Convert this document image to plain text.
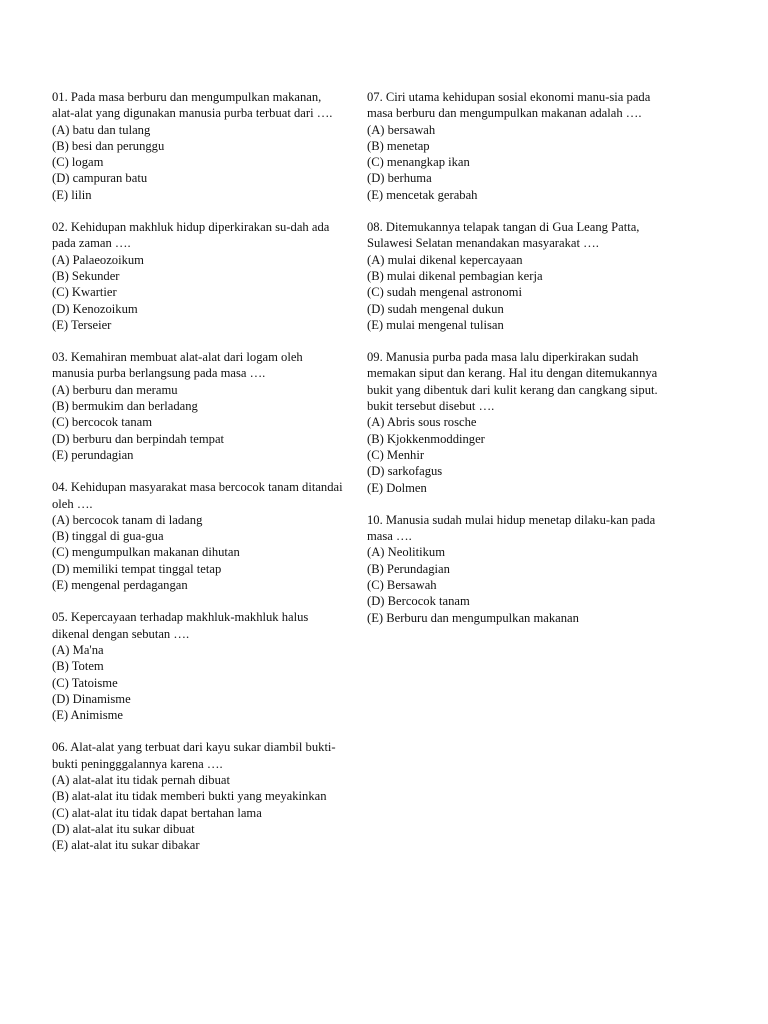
01. Pada masa berburu dan mengumpulkan makanan, alat-alat yang digunakan manusia purba terbuat dari ….

(A) batu dan tulang

(B) besi dan perunggu

(C) logam

(D) campuran batu

(E) lilin

02. Kehidupan makhluk hidup diperkirakan su-dah ada pada zaman ….

(A) Palaeozoikum

(B) Sekunder

(C) Kwartier

(D) Kenozoikum

(E) Terseier

03. Kemahiran membuat alat-alat dari logam oleh manusia purba berlangsung pada masa ….

(A) berburu dan meramu

(B) bermukim dan berladang

(C) bercocok tanam

(D) berburu dan berpindah tempat

(E) perundagian

04. Kehidupan masyarakat masa bercocok tanam ditandai oleh ….

(A) bercocok tanam di ladang

(B) tinggal di gua-gua

(C) mengumpulkan makanan dihutan

(D) memiliki tempat tinggal tetap

(E) mengenal perdagangan

05. Kepercayaan terhadap makhluk-makhluk halus dikenal dengan sebutan ….

(A) Ma'na

(B) Totem

(C) Tatoisme

(D) Dinamisme

(E) Animisme

06. Alat-alat yang terbuat dari kayu sukar diambil bukti-bukti peningggalannya karena ….

(A) alat-alat itu tidak pernah dibuat

(B) alat-alat itu tidak memberi bukti yang meyakinkan

(C) alat-alat itu tidak dapat bertahan lama

(D) alat-alat itu sukar dibuat

(E) alat-alat itu sukar dibakar

07. Ciri utama kehidupan sosial ekonomi manu-sia pada masa berburu dan mengumpulkan makanan adalah ….

(A) bersawah

(B) menetap

(C) menangkap ikan

(D) berhuma

(E) mencetak gerabah

08. Ditemukannya telapak tangan di Gua Leang Patta, Sulawesi Selatan menandakan masyarakat ….

(A) mulai dikenal kepercayaan

(B) mulai dikenal pembagian kerja

(C) sudah mengenal astronomi

(D) sudah mengenal dukun

(E) mulai mengenal tulisan

09. Manusia purba pada masa lalu diperkirakan sudah memakan siput dan kerang. Hal itu dengan ditemukannya bukit yang dibentuk dari kulit kerang dan cangkang siput. bukit tersebut disebut ….

(A) Abris sous rosche

(B) Kjokkenmoddinger

(C) Menhir

(D) sarkofagus

(E) Dolmen

10. Manusia sudah mulai hidup menetap dilaku-kan pada masa ….

(A) Neolitikum

(B) Perundagian

(C) Bersawah

(D) Bercocok tanam

(E) Berburu dan mengumpulkan makanan
